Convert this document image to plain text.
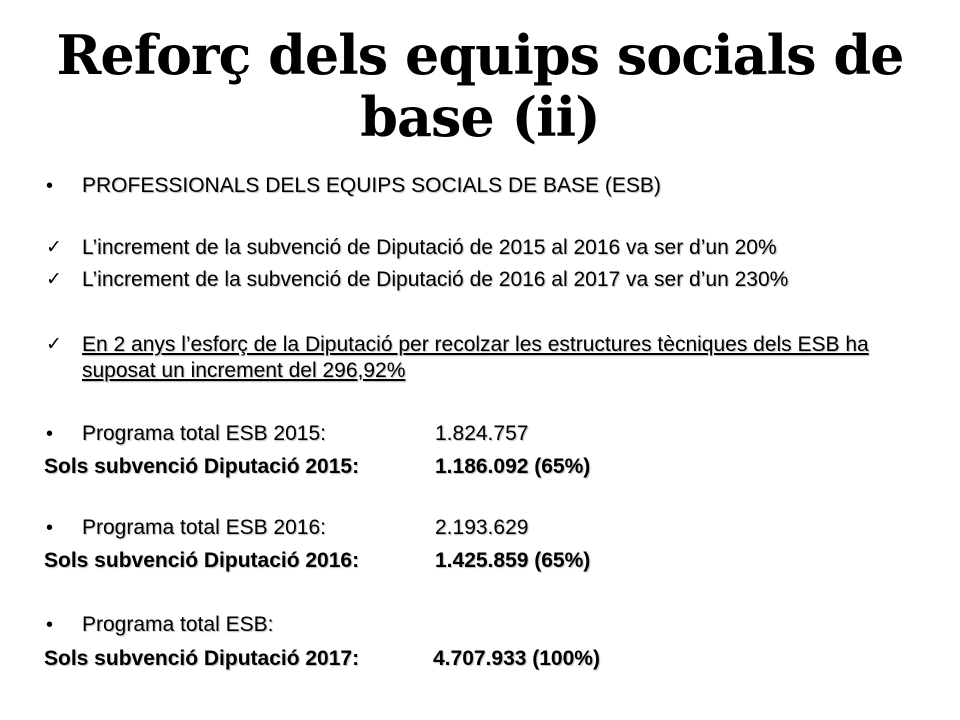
Reforç dels equips socials de base (ii)
• PROFESSIONALS DELS EQUIPS SOCIALS DE BASE (ESB)
✓ L’increment de la subvenció de Diputació de 2015 al 2016 va ser d’un 20%
✓ L’increment de la subvenció de Diputació de 2016 al 2017 va ser d’un 230%
✓ En 2 anys l’esforç de la Diputació per recolzar les estructures tècniques dels ESB ha suposat un increment del 296,92%
• Programa total ESB 2015:	1.824.757
Sols subvenció Diputació 2015:	1.186.092 (65%)
• Programa total ESB 2016:	2.193.629
Sols subvenció Diputació 2016:	1.425.859 (65%)
• Programa total ESB:
Sols subvenció Diputació 2017:	4.707.933 (100%)
